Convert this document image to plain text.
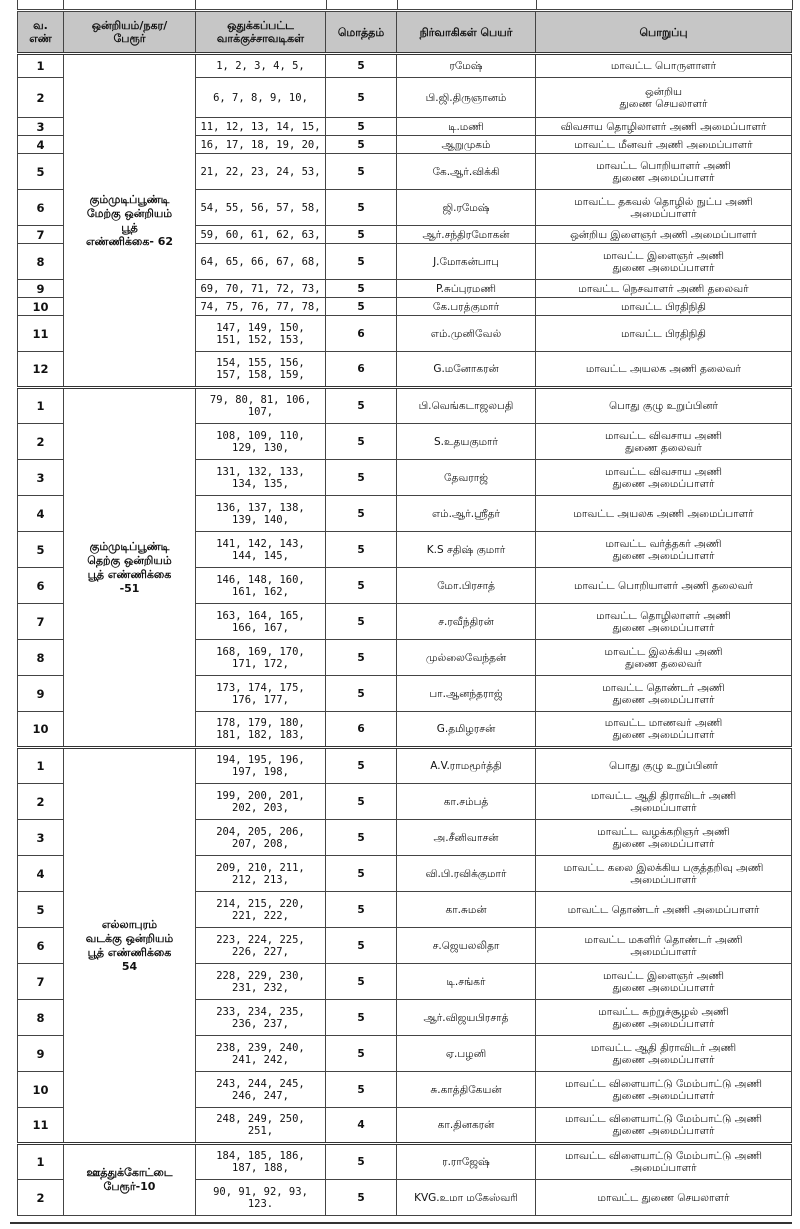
வ.
எண்	ஒன்றியம்/நகர/
பேரூர்	ஒதுக்கப்பட்ட
வாக்குச்சாவடிகள்	மொத்தம்	நிர்வாகிகள் பெயர்	பொறுப்பு
1	கும்முடிப்பூண்டி
மேற்கு ஒன்றியம்
பூத்
எண்ணிக்கை- 62	1, 2, 3, 4, 5,	5	ரமேஷ்	மாவட்ட பொருளாளர்
2		6, 7, 8, 9, 10,	5	பி.ஜி.திருஞானம்	ஒன்றிய
துணை செயலாளர்
3		11, 12, 13, 14, 15,	5	டி.மணி	விவசாய தொழிலாளர் அணி அமைப்பாளர்
4		16, 17, 18, 19, 20,	5	ஆறுமுகம்	மாவட்ட மீனவர் அணி அமைப்பாளர்
5		21, 22, 23, 24, 53,	5	கே.ஆர்.விக்கி	மாவட்ட பொறியாளர் அணி
துணை அமைப்பாளர்
6		54, 55, 56, 57, 58,	5	ஜி.ரமேஷ்	மாவட்ட தகவல் தொழில் நுட்ப அணி
அமைப்பாளர்
7		59, 60, 61, 62, 63,	5	ஆர்.சந்திரமோகன்	ஒன்றிய இளைஞர் அணி அமைப்பாளர்
8		64, 65, 66, 67, 68,	5	J.மோகன்பாபு	மாவட்ட இளைஞர் அணி
துணை அமைப்பாளர்
9		69, 70, 71, 72, 73,	5	P.சுப்புரமணி	மாவட்ட நெசவாளர் அணி தலைவர்
10		74, 75, 76, 77, 78,	5	கே.பரத்குமார்	மாவட்ட பிரதிநிதி
11		147, 149, 150,
151, 152, 153,	6	எம்.முனிவேல்	மாவட்ட பிரதிநிதி
12		154, 155, 156,
157, 158, 159,	6	G.மனோகரன்	மாவட்ட அயலக அணி தலைவர்
1	கும்முடிப்பூண்டி
தெற்கு ஒன்றியம்
பூத் எண்ணிக்கை
-51	79, 80, 81, 106,
107,	5	பி.வெங்கடாஜலபதி	பொது குழு உறுப்பினர்
2		108, 109, 110,
129, 130,	5	S.உதயகுமார்	மாவட்ட விவசாய அணி
துணை தலைவர்
3		131, 132, 133,
134, 135,	5	தேவராஜ்	மாவட்ட விவசாய அணி
துணை அமைப்பாளர்
4		136, 137, 138,
139, 140,	5	எம்.ஆர்.ஸ்ரீதர்	மாவட்ட அயலக அணி அமைப்பாளர்
5		141, 142, 143,
144, 145,	5	K.S சதிஷ் குமார்	மாவட்ட வர்த்தகர் அணி
துணை அமைப்பாளர்
6		146, 148, 160,
161, 162,	5	மோ.பிரசாத்	மாவட்ட பொறியாளர் அணி தலைவர்
7		163, 164, 165,
166, 167,	5	ச.ரவீந்திரன்	மாவட்ட தொழிலாளர் அணி
துணை அமைப்பாளர்
8		168, 169, 170,
171, 172,	5	முல்லைவேந்தன்	மாவட்ட இலக்கிய அணி
துணை தலைவர்
9		173, 174, 175,
176, 177,	5	பா.ஆனந்தராஜ்	மாவட்ட தொண்டர் அணி
துணை அமைப்பாளர்
10		178, 179, 180,
181, 182, 183,	6	G.தமிழரசன்	மாவட்ட மாணவர் அணி
துணை அமைப்பாளர்
1	எல்லாபுரம்
வடக்கு ஒன்றியம்
பூத் எண்ணிக்கை
54	194, 195, 196,
197, 198,	5	A.V.ராமமூர்த்தி	பொது குழு உறுப்பினர்
2		199, 200, 201,
202, 203,	5	கா.சம்பத்	மாவட்ட ஆதி திராவிடர் அணி
அமைப்பாளர்
3		204, 205, 206,
207, 208,	5	அ.சீனிவாசன்	மாவட்ட வழக்கறிஞர் அணி
துணை அமைப்பாளர்
4		209, 210, 211,
212, 213,	5	வி.பி.ரவிக்குமார்	மாவட்ட கலை இலக்கிய பகுத்தறிவு அணி
அமைப்பாளர்
5		214, 215, 220,
221, 222,	5	கா.சுமன்	மாவட்ட தொண்டர் அணி அமைப்பாளர்
6		223, 224, 225,
226, 227,	5	ச.ஜெயலலிதா	மாவட்ட மகளிர் தொண்டர் அணி
அமைப்பாளர்
7		228, 229, 230,
231, 232,	5	டி.சங்கர்	மாவட்ட இளைஞர் அணி
துணை அமைப்பாளர்
8		233, 234, 235,
236, 237,	5	ஆர்.விஜயபிரசாத்	மாவட்ட சுற்றுச்சூழல் அணி
துணை அமைப்பாளர்
9		238, 239, 240,
241, 242,	5	ஏ.பழனி	மாவட்ட ஆதி திராவிடர் அணி
துணை அமைப்பாளர்
10		243, 244, 245,
246, 247,	5	சு.காத்திகேயன்	மாவட்ட விளையாட்டு மேம்பாட்டு அணி
துணை அமைப்பாளர்
11		248, 249, 250,
251,	4	கா.தினகரன்	மாவட்ட விளையாட்டு மேம்பாட்டு அணி
துணை அமைப்பாளர்
1	ஊத்துக்கோட்டை
பேரூர்-10	184, 185, 186,
187, 188,	5	ர.ராஜேஷ்	மாவட்ட விளையாட்டு மேம்பாட்டு அணி
அமைப்பாளர்
2		90, 91, 92, 93,
123.	5	KVG.உமா மகேஸ்வரி	மாவட்ட துணை செயலாளர்
